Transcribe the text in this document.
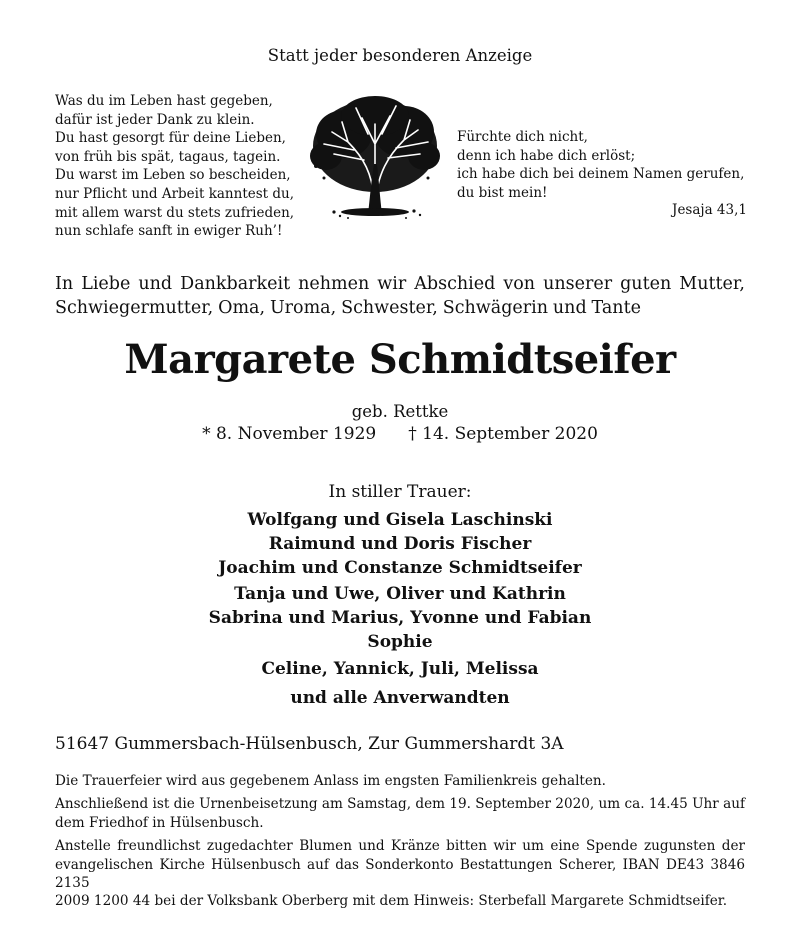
Statt jeder besonderen Anzeige
Was du im Leben hast gegeben,
dafür ist jeder Dank zu klein.
Du hast gesorgt für deine Lieben,
von früh bis spät, tagaus, tagein.
Du warst im Leben so bescheiden,
nur Pflicht und Arbeit kanntest du,
mit allem warst du stets zufrieden,
nun schlafe sanft in ewiger Ruh’!
Fürchte dich nicht,
denn ich habe dich erlöst;
ich habe dich bei deinem Namen gerufen,
du bist mein!
Jesaja 43,1
In Liebe und Dankbarkeit nehmen wir Abschied von unserer guten Mutter,
Schwiegermutter, Oma, Uroma, Schwester, Schwägerin und Tante
Margarete Schmidtseifer
geb. Rettke
* 8. November 1929 † 14. September 2020
In stiller Trauer:
Wolfgang und Gisela Laschinski
Raimund und Doris Fischer
Joachim und Constanze Schmidtseifer
Tanja und Uwe, Oliver und Kathrin
Sabrina und Marius, Yvonne und Fabian
Sophie
Celine, Yannick, Juli, Melissa
und alle Anverwandten
51647 Gummersbach-Hülsenbusch, Zur Gummershardt 3A

Die Trauerfeier wird aus gegebenem Anlass im engsten Familienkreis gehalten.

Anschließend ist die Urnenbeisetzung am Samstag, dem 19. September 2020, um ca. 14.45 Uhr auf
dem Friedhof in Hülsenbusch.

Anstelle freundlichst zugedachter Blumen und Kränze bitten wir um eine Spende zugunsten der
evangelischen Kirche Hülsenbusch auf das Sonderkonto Bestattungen Scherer, IBAN DE43 3846 2135
2009 1200 44 bei der Volksbank Oberberg mit dem Hinweis: Sterbefall Margarete Schmidtseifer.
